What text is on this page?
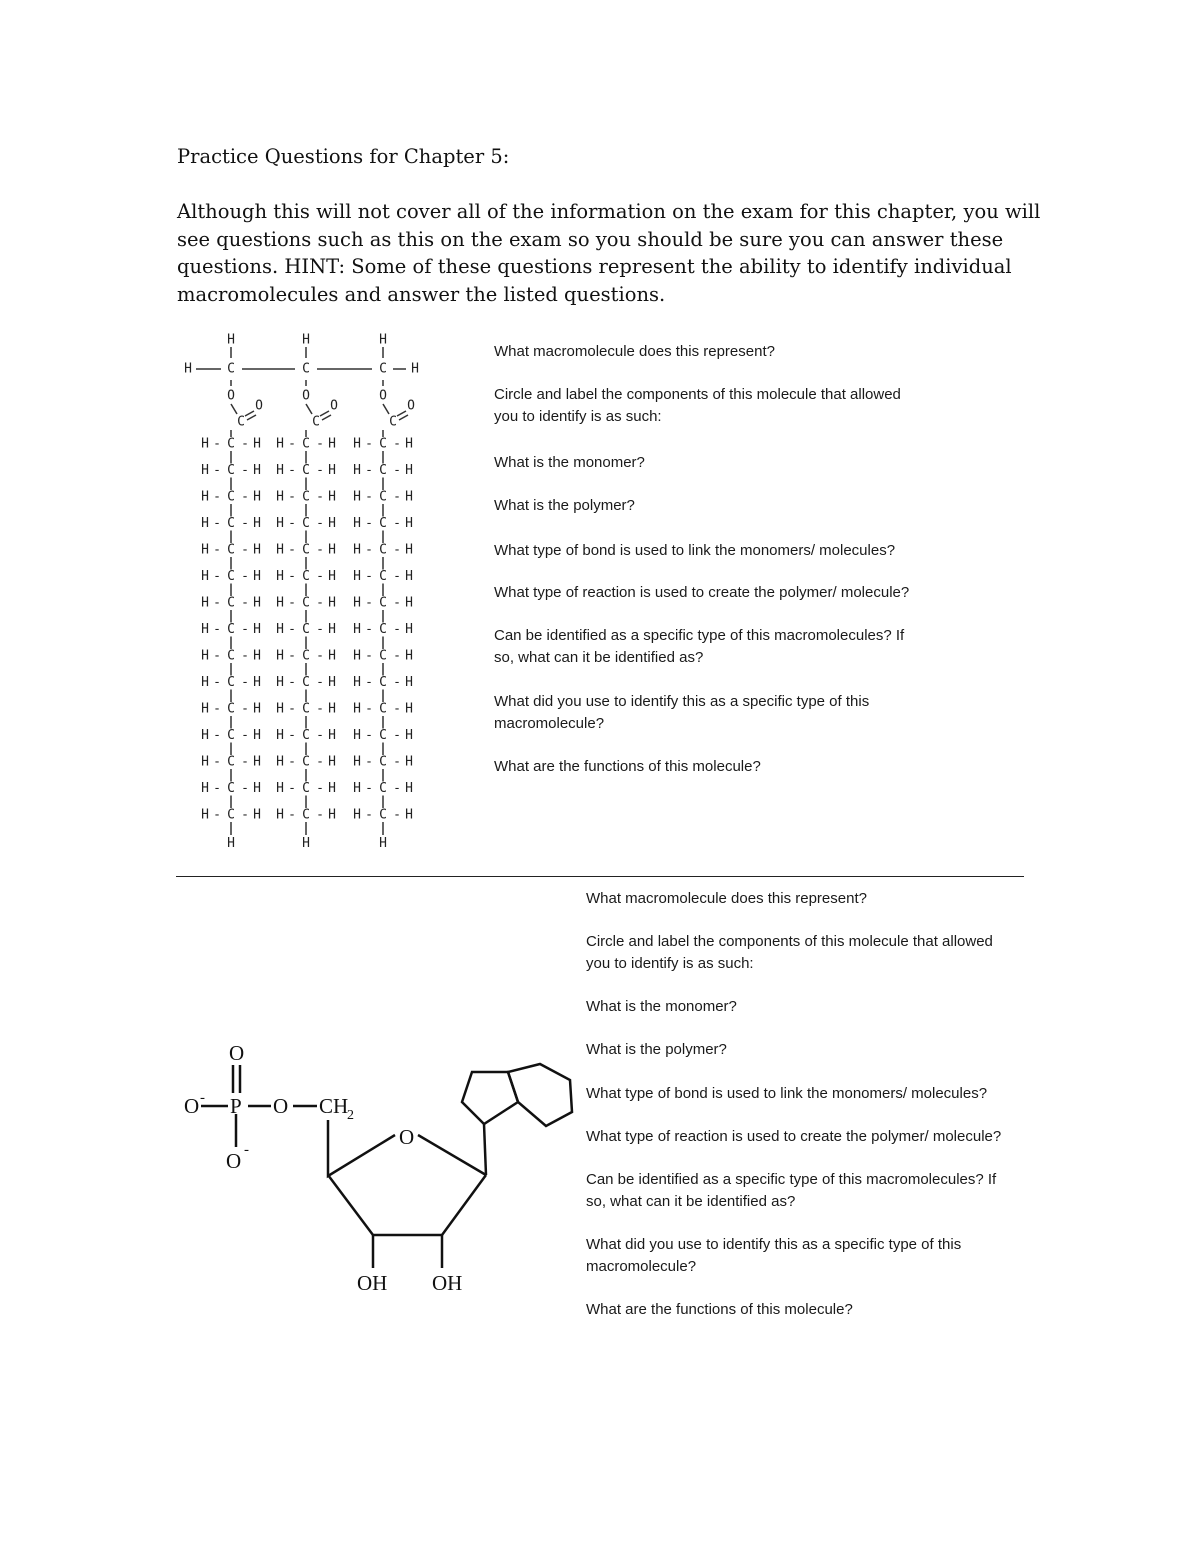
Practice Questions for Chapter 5:

Although this will not cover all of the information on the exam for this chapter, you will see questions such as this on the exam so you should be sure you can answer these questions. HINT: Some of these questions represent the ability to identify individual macromolecules and answer the listed questions.

H
C
O
C
O
H
C
O
C
O
H
C
O
C
O
H	H
H - C - H
H - C - H
H - C - H
H - C - H
H - C - H
H - C - H
H - C - H
H - C - H
H - C - H
H - C - H
H - C - H
H - C - H
H - C - H
H - C - H
H - C - H
H
H - C - H
H - C - H
H - C - H
H - C - H
H - C - H
H - C - H
H - C - H
H - C - H
H - C - H
H - C - H
H - C - H
H - C - H
H - C - H
H - C - H
H - C - H
H
H - C - H
H - C - H
H - C - H
H - C - H
H - C - H
H - C - H
H - C - H
H - C - H
H - C - H
H - C - H
H - C - H
H - C - H
H - C - H
H - C - H
H - C - H
H

What macromolecule does this represent?

Circle and label the components of this molecule that allowed you to identify is as such:

What is the monomer?

What is the polymer?

What type of bond is used to link the monomers/ molecules?

What type of reaction is used to create the polymer/ molecule?

Can be identified as a specific type of this macromolecules? If so, what can it be identified as?

What did you use to identify this as a specific type of this macromolecule?

What are the functions of this molecule?

O
O - P O CH
2
O
O -
OH OH

What macromolecule does this represent?

Circle and label the components of this molecule that allowed you to identify is as such:

What is the monomer?

What is the polymer?

What type of bond is used to link the monomers/ molecules?

What type of reaction is used to create the polymer/ molecule?

Can be identified as a specific type of this macromolecules? If so, what can it be identified as?

What did you use to identify this as a specific type of this macromolecule?

What are the functions of this molecule?
